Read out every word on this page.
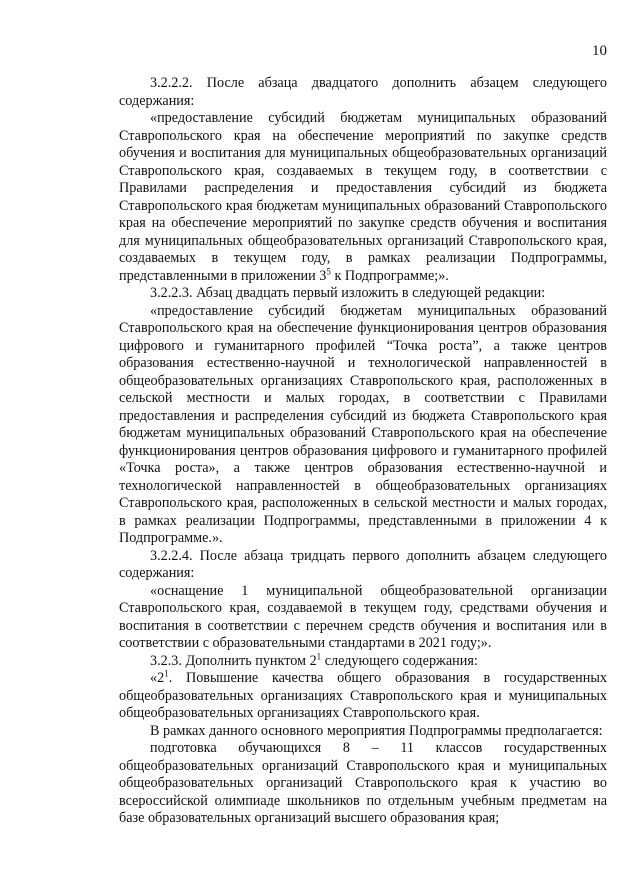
10

3.2.2.2. После абзаца двадцатого дополнить абзацем следующего содержания:

«предоставление субсидий бюджетам муниципальных образований Ставропольского края на обеспечение мероприятий по закупке средств обучения и воспитания для муниципальных общеобразовательных организаций Ставропольского края, создаваемых в текущем году, в соответствии с Правилами распределения и предоставления субсидий из бюджета Ставропольского края бюджетам муниципальных образований Ставропольского края на обеспечение мероприятий по закупке средств обучения и воспитания для муниципальных общеобразовательных организаций Ставропольского края, создаваемых в текущем году, в рамках реализации Подпрограммы, представленными в приложении $3^5$ к Подпрограмме;».

3.2.2.3. Абзац двадцать первый изложить в следующей редакции:

«предоставление субсидий бюджетам муниципальных образований Ставропольского края на обеспечение функционирования центров образования цифрового и гуманитарного профилей “Точка роста”, а также центров образования естественно-научной и технологической направленностей в общеобразовательных организациях Ставропольского края, расположенных в сельской местности и малых городах, в соответствии с Правилами предоставления и распределения субсидий из бюджета Ставропольского края бюджетам муниципальных образований Ставропольского края на обеспечение функционирования центров образования цифрового и гуманитарного профилей «Точка роста», а также центров образования естественно-научной и технологической направленностей в общеобразовательных организациях Ставропольского края, расположенных в сельской местности и малых городах, в рамках реализации Подпрограммы, представленными в приложении 4 к Подпрограмме.».

3.2.2.4. После абзаца тридцать первого дополнить абзацем следующего содержания:

«оснащение 1 муниципальной общеобразовательной организации Ставропольского края, создаваемой в текущем году, средствами обучения и воспитания в соответствии с перечнем средств обучения и воспитания или в соответствии с образовательными стандартами в 2021 году;».

3.2.3. Дополнить пунктом $2^1$ следующего содержания:

«$2^1$. Повышение качества общего образования в государственных общеобразовательных организациях Ставропольского края и муниципальных общеобразовательных организациях Ставропольского края.

В рамках данного основного мероприятия Подпрограммы предполагается:

подготовка обучающихся 8 – 11 классов государственных общеобразовательных организаций Ставропольского края и муниципальных общеобразовательных организаций Ставропольского края к участию во всероссийской олимпиаде школьников по отдельным учебным предметам на базе образовательных организаций высшего образования края;
